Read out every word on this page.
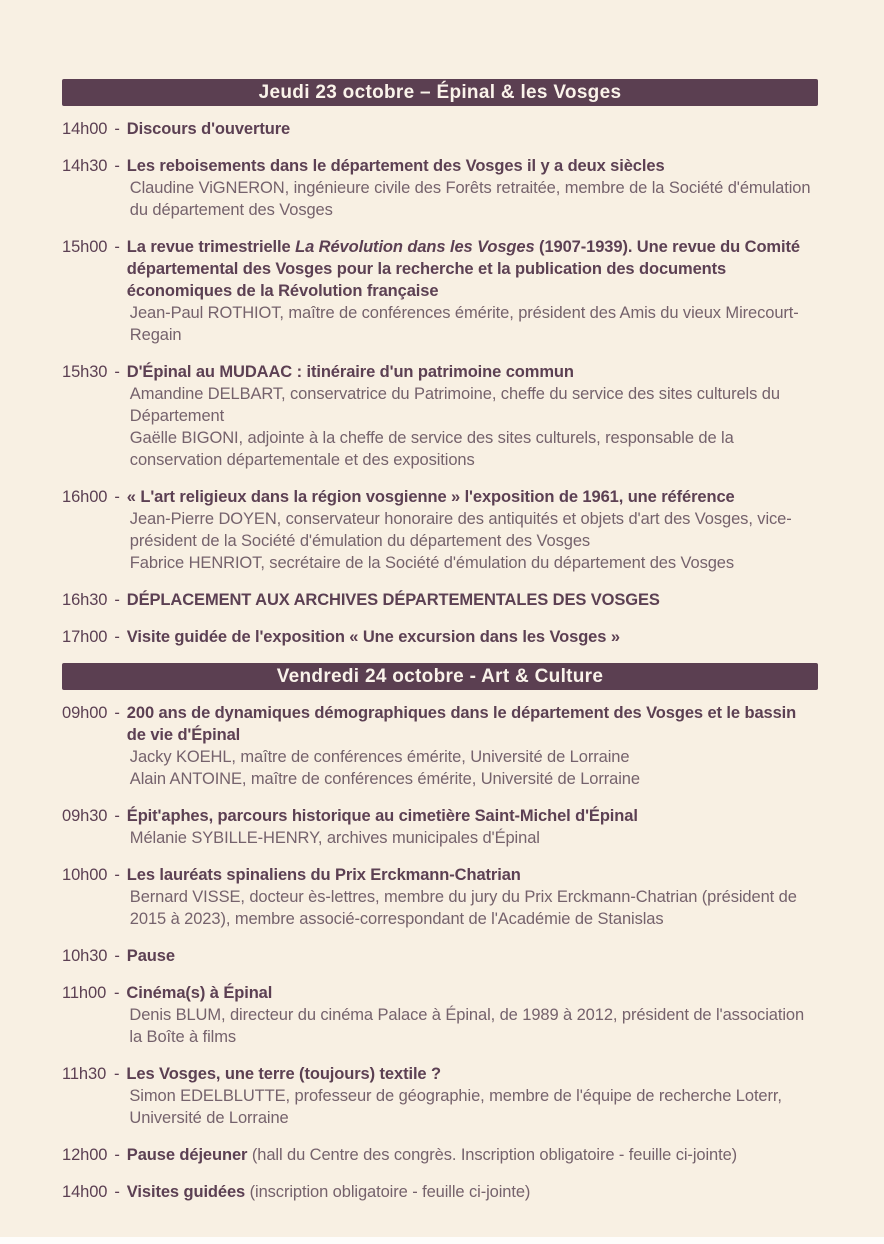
Jeudi 23 octobre – Épinal & les Vosges
14h00 - Discours d'ouverture
14h30 - Les reboisements dans le département des Vosges il y a deux siècles
Claudine ViGNERON, ingénieure civile des Forêts retraitée, membre de la Société d'émulation du département des Vosges
15h00 - La revue trimestrielle La Révolution dans les Vosges (1907-1939). Une revue du Comité départemental des Vosges pour la recherche et la publication des documents économiques de la Révolution française
Jean-Paul ROTHIOT, maître de conférences émérite, président des Amis du vieux Mirecourt-Regain
15h30 - D'Épinal au MUDAAC : itinéraire d'un patrimoine commun
Amandine DELBART, conservatrice du Patrimoine, cheffe du service des sites culturels du Département
Gaëlle BIGONI, adjointe à la cheffe de service des sites culturels, responsable de la conservation départementale et des expositions
16h00 - « L'art religieux dans la région vosgienne » l'exposition de 1961, une référence
Jean-Pierre DOYEN, conservateur honoraire des antiquités et objets d'art des Vosges, vice-président de la Société d'émulation du département des Vosges
Fabrice HENRIOT, secrétaire de la Société d'émulation du département des Vosges
16h30 - DÉPLACEMENT AUX ARCHIVES DÉPARTEMENTALES DES VOSGES
17h00 - Visite guidée de l'exposition « Une excursion dans les Vosges »
Vendredi 24 octobre - Art & Culture
09h00 - 200 ans de dynamiques démographiques dans le département des Vosges et le bassin de vie d'Épinal
Jacky KOEHL, maître de conférences émérite, Université de Lorraine
Alain ANTOINE, maître de conférences émérite, Université de Lorraine
09h30 - Épit'aphes, parcours historique au cimetière Saint-Michel d'Épinal
Mélanie SYBILLE-HENRY, archives municipales d'Épinal
10h00 - Les lauréats spinaliens du Prix Erckmann-Chatrian
Bernard VISSE, docteur ès-lettres, membre du jury du Prix Erckmann-Chatrian (président de 2015 à 2023), membre associé-correspondant de l'Académie de Stanislas
10h30 - Pause
11h00 - Cinéma(s) à Épinal
Denis BLUM, directeur du cinéma Palace à Épinal, de 1989 à 2012, président de l'association la Boîte à films
11h30 - Les Vosges, une terre (toujours) textile ?
Simon EDELBLUTTE, professeur de géographie, membre de l'équipe de recherche Loterr, Université de Lorraine
12h00 - Pause déjeuner (hall du Centre des congrès. Inscription obligatoire - feuille ci-jointe)
14h00 - Visites guidées (inscription obligatoire - feuille ci-jointe)
